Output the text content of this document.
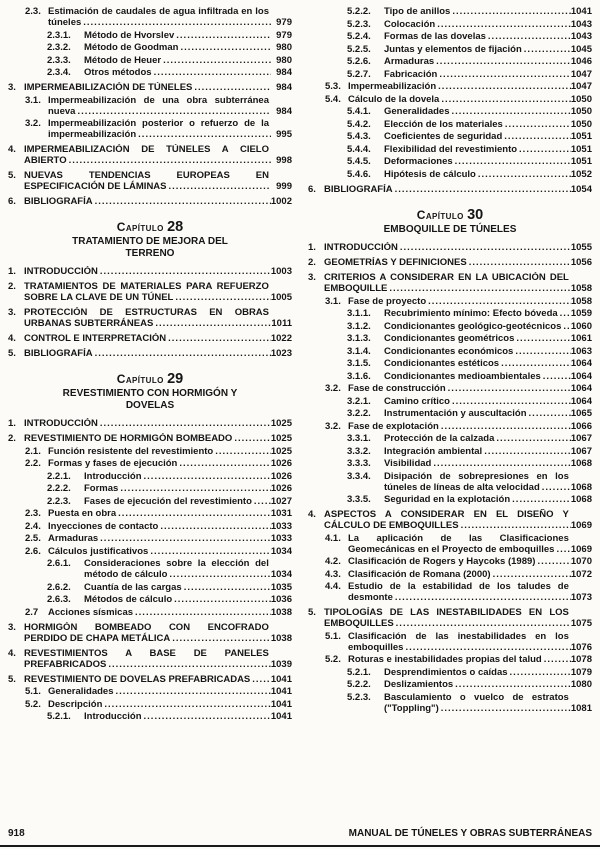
2.3. Estimación de caudales de agua infiltrada en los túneles .....	979
2.3.1.	Método de Hvorslev .....	979
2.3.2.	Método de Goodman .....	980
2.3.3.	Método de Heuer .....	980
2.3.4.	Otros métodos .....	984
3. IMPERMEABILIZACIÓN DE TÚNELES .....	984
3.1. Impermeabilización de una obra subterránea nueva .....	984
3.2. Impermeabilización posterior o refuerzo de la impermeabilización .....	995
4. IMPERMEABILIZACIÓN DE TÚNELES A CIELO ABIERTO .....	998
5. NUEVAS TENDENCIAS EUROPEAS EN ESPECIFICACIÓN DE LÁMINAS .....	999
6. BIBLIOGRAFÍA .....	1002
Capítulo 28
TRATAMIENTO DE MEJORA DEL TERRENO
1. INTRODUCCIÓN .....	1003
2. TRATAMIENTOS DE MATERIALES PARA REFUERZO SOBRE LA CLAVE DE UN TÚNEL .....	1005
3. PROTECCIÓN DE ESTRUCTURAS EN OBRAS URBANAS SUBTERRÁNEAS .....	1011
4. CONTROL E INTERPRETACIÓN .....	1022
5. BIBLIOGRAFÍA .....	1023
Capítulo 29
REVESTIMIENTO CON HORMIGÓN Y DOVELAS
1. INTRODUCCIÓN .....	1025
2. REVESTIMIENTO DE HORMIGÓN BOMBEADO .....	1025
2.1. Función resistente del revestimiento .....	1025
2.2. Formas y fases de ejecución .....	1026
2.2.1.	Introducción .....	1026
2.2.2.	Formas .....	1026
2.2.3.	Fases de ejecución del revestimiento .....	1027
2.3. Puesta en obra .....	1031
2.4. Inyecciones de contacto .....	1033
2.5. Armaduras .....	1033
2.6. Cálculos justificativos .....	1034
2.6.1.	Consideraciones sobre la elección del método de cálculo .....	1034
2.6.2.	Cuantía de las cargas .....	1035
2.6.3.	Métodos de cálculo .....	1036
2.7	Acciones sísmicas .....	1038
3. HORMIGÓN BOMBEADO CON ENCOFRADO PERDIDO DE CHAPA METÁLICA .....	1038
4. REVESTIMIENTOS A BASE DE PANELES PREFABRICADOS .....	1039
5. REVESTIMIENTO DE DOVELAS PREFABRICADAS .....	1041
5.1. Generalidades .....	1041
5.2. Descripción .....	1041
5.2.1.	Introducción .....	1041
5.2.2.	Tipo de anillos .....	1041
5.2.3.	Colocación .....	1043
5.2.4.	Formas de las dovelas .....	1043
5.2.5.	Juntas y elementos de fijación .....	1045
5.2.6.	Armaduras .....	1046
5.2.7.	Fabricación .....	1047
5.3. Impermeabilización .....	1047
5.4. Cálculo de la dovela .....	1050
5.4.1.	Generalidades .....	1050
5.4.2.	Elección de los materiales .....	1050
5.4.3.	Coeficientes de seguridad .....	1051
5.4.4.	Flexibilidad del revestimiento .....	1051
5.4.5.	Deformaciones .....	1051
5.4.6.	Hipótesis de cálculo .....	1052
6. BIBLIOGRAFÍA .....	1054
Capítulo 30
EMBOQUILLE DE TÚNELES
1. INTRODUCCIÓN .....	1055
2. GEOMETRÍAS Y DEFINICIONES .....	1056
3. CRITERIOS A CONSIDERAR EN LA UBICACIÓN DEL EMBOQUILLE .....	1058
3.1. Fase de proyecto .....	1058
3.1.1.	Recubrimiento mínimo: Efecto bóveda .....	1059
3.1.2.	Condicionantes geológico-geotécnicos .....	1060
3.1.3.	Condicionantes geométricos .....	1061
3.1.4.	Condicionantes económicos .....	1063
3.1.5.	Condicionantes estéticos .....	1064
3.1.6.	Condicionantes medioambientales .....	1064
3.2. Fase de construcción .....	1064
3.2.1.	Camino crítico .....	1064
3.2.2.	Instrumentación y auscultación .....	1065
3.2. Fase de explotación .....	1066
3.3.1.	Protección de la calzada .....	1067
3.3.2.	Integración ambiental .....	1067
3.3.3.	Visibilidad .....	1068
3.3.4.	Disipación de sobrepresiones en los túneles de líneas de alta velocidad .....	1068
3.3.5.	Seguridad en la explotación .....	1068
4. ASPECTOS A CONSIDERAR EN EL DISEÑO Y CÁLCULO DE EMBOQUILLES .....	1069
4.1. La aplicación de las Clasificaciones Geomecánicas en el Proyecto de emboquilles .....	1069
4.2. Clasificación de Rogers y Haycoks (1989) .....	1070
4.3. Clasificación de Romana (2000) .....	1072
4.4. Estudio de la estabilidad de los taludes de desmonte .....	1073
5. TIPOLOGÍAS DE LAS INESTABILIDADES EN LOS EMBOQUILLES .....	1075
5.1. Clasificación de las inestabilidades en los emboquilles .....	1076
5.2. Roturas e inestabilidades propias del talud .....	1078
5.2.1.	Desprendimientos o caídas .....	1079
5.2.2.	Deslizamientos .....	1080
5.2.3.	Basculamiento o vuelco de estratos ("Toppling") .....	1081
918	MANUAL DE TÚNELES Y OBRAS SUBTERRÁNEAS
